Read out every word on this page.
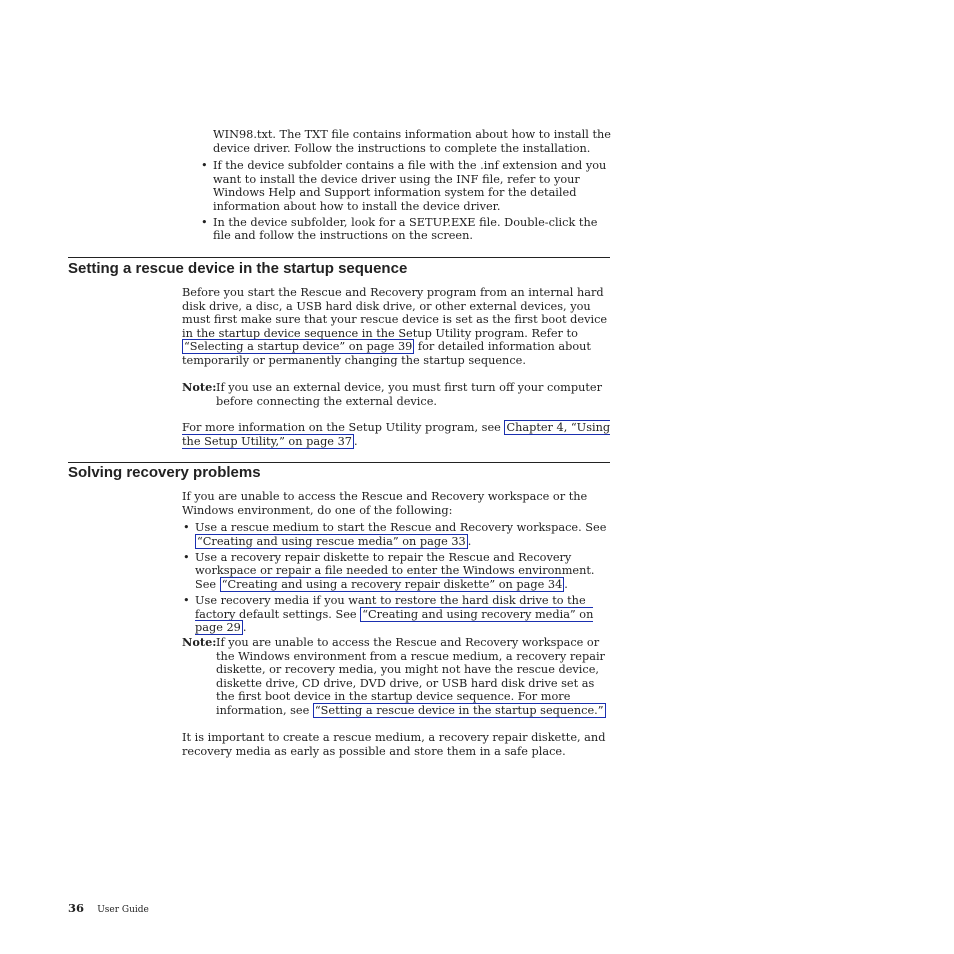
WIN98.txt. The TXT file contains information about how to install the device driver. Follow the instructions to complete the installation.

• If the device subfolder contains a file with the .inf extension and you want to install the device driver using the INF file, refer to your Windows Help and Support information system for the detailed information about how to install the device driver.
• In the device subfolder, look for a SETUP.EXE file. Double-click the file and follow the instructions on the screen.
Setting a rescue device in the startup sequence

Before you start the Rescue and Recovery program from an internal hard disk drive, a disc, a USB hard disk drive, or other external devices, you must first make sure that your rescue device is set as the first boot device in the startup device sequence in the Setup Utility program. Refer to “Selecting a startup device” on page 39 for detailed information about temporarily or permanently changing the startup sequence.

Note: If you use an external device, you must first turn off your computer before connecting the external device.

For more information on the Setup Utility program, see Chapter 4, “Using the Setup Utility,” on page 37 .

Solving recovery problems

If you are unable to access the Rescue and Recovery workspace or the Windows environment, do one of the following:

• Use a rescue medium to start the Rescue and Recovery workspace. See “Creating and using rescue media” on page 33 .
• Use a recovery repair diskette to repair the Rescue and Recovery workspace or repair a file needed to enter the Windows environment. See “Creating and using a recovery repair diskette” on page 34 .
• Use recovery media if you want to restore the hard disk drive to the factory default settings. See “Creating and using recovery media” on page 29 .
Note: If you are unable to access the Rescue and Recovery workspace or the Windows environment from a rescue medium, a recovery repair diskette, or recovery media, you might not have the rescue device, diskette drive, CD drive, DVD drive, or USB hard disk drive set as the first boot device in the startup device sequence. For more information, see “Setting a rescue device in the startup sequence.”

It is important to create a rescue medium, a recovery repair diskette, and recovery media as early as possible and store them in a safe place.

36 User Guide
